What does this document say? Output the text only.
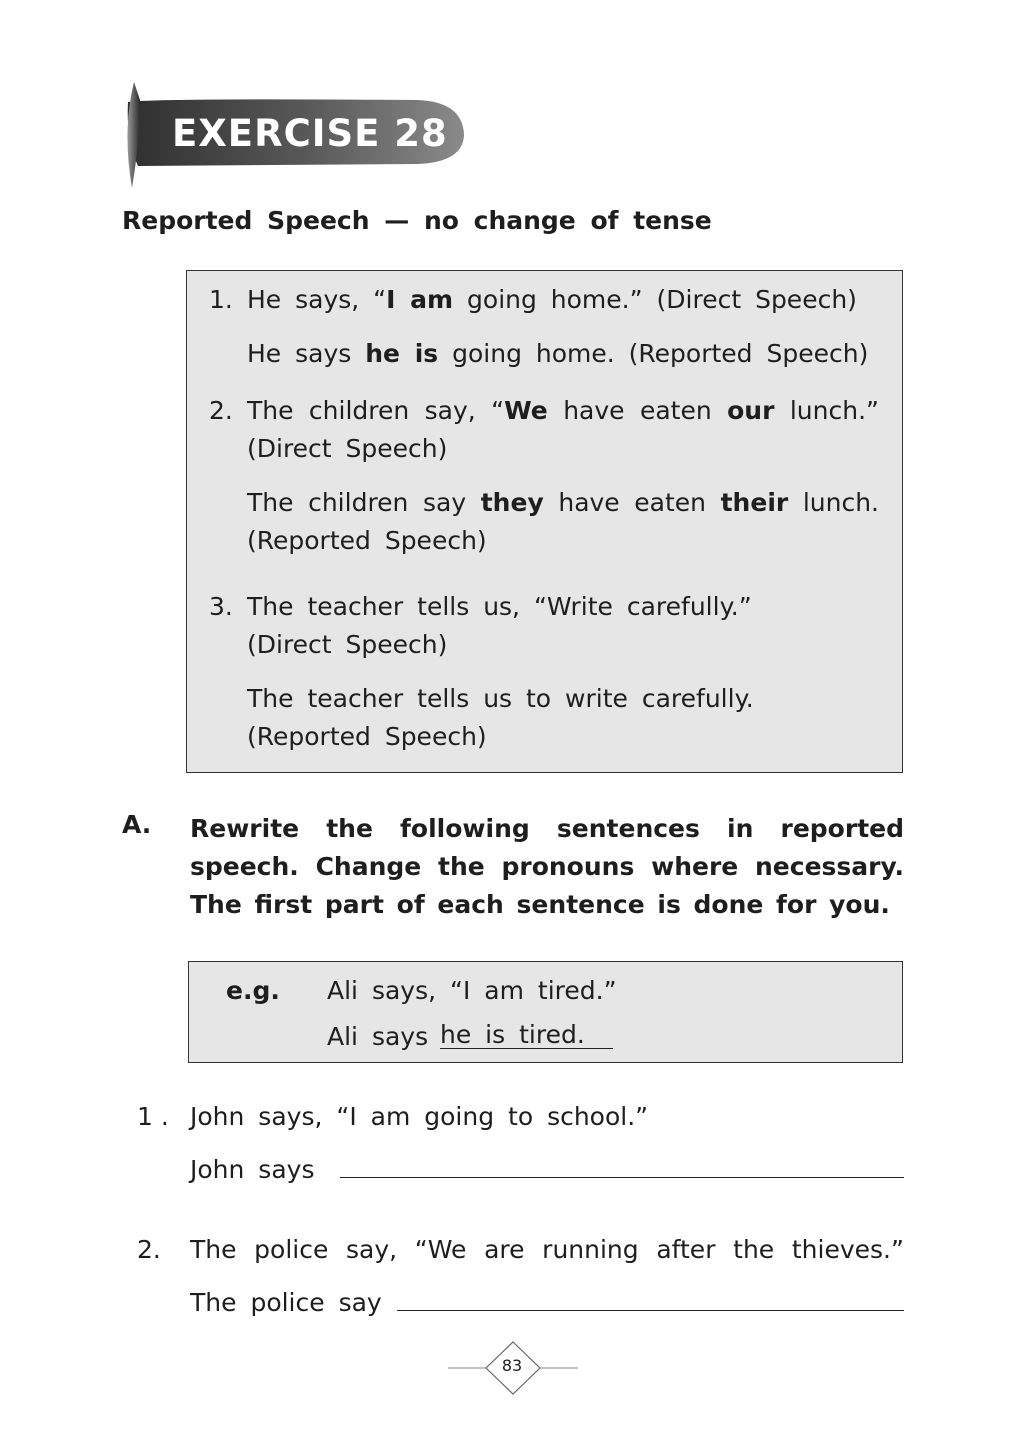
EXERCISE 28
Reported Speech — no change of tense
1. He says, “I am going home.” (Direct Speech)
He says he is going home. (Reported Speech)
2. The children say, “We have eaten our lunch.”
(Direct Speech)
The children say they have eaten their lunch.
(Reported Speech)
3. The teacher tells us, “Write carefully.”
(Direct Speech)
The teacher tells us to write carefully.
(Reported Speech)
A. Rewrite the following sentences in reported speech. Change the pronouns where necessary. The first part of each sentence is done for you.
e.g. Ali says, “I am tired.”
Ali says he is tired.
1 . John says, “I am going to school.”
John says
2. The police say, “We are running after the thieves.”
The police say
83
